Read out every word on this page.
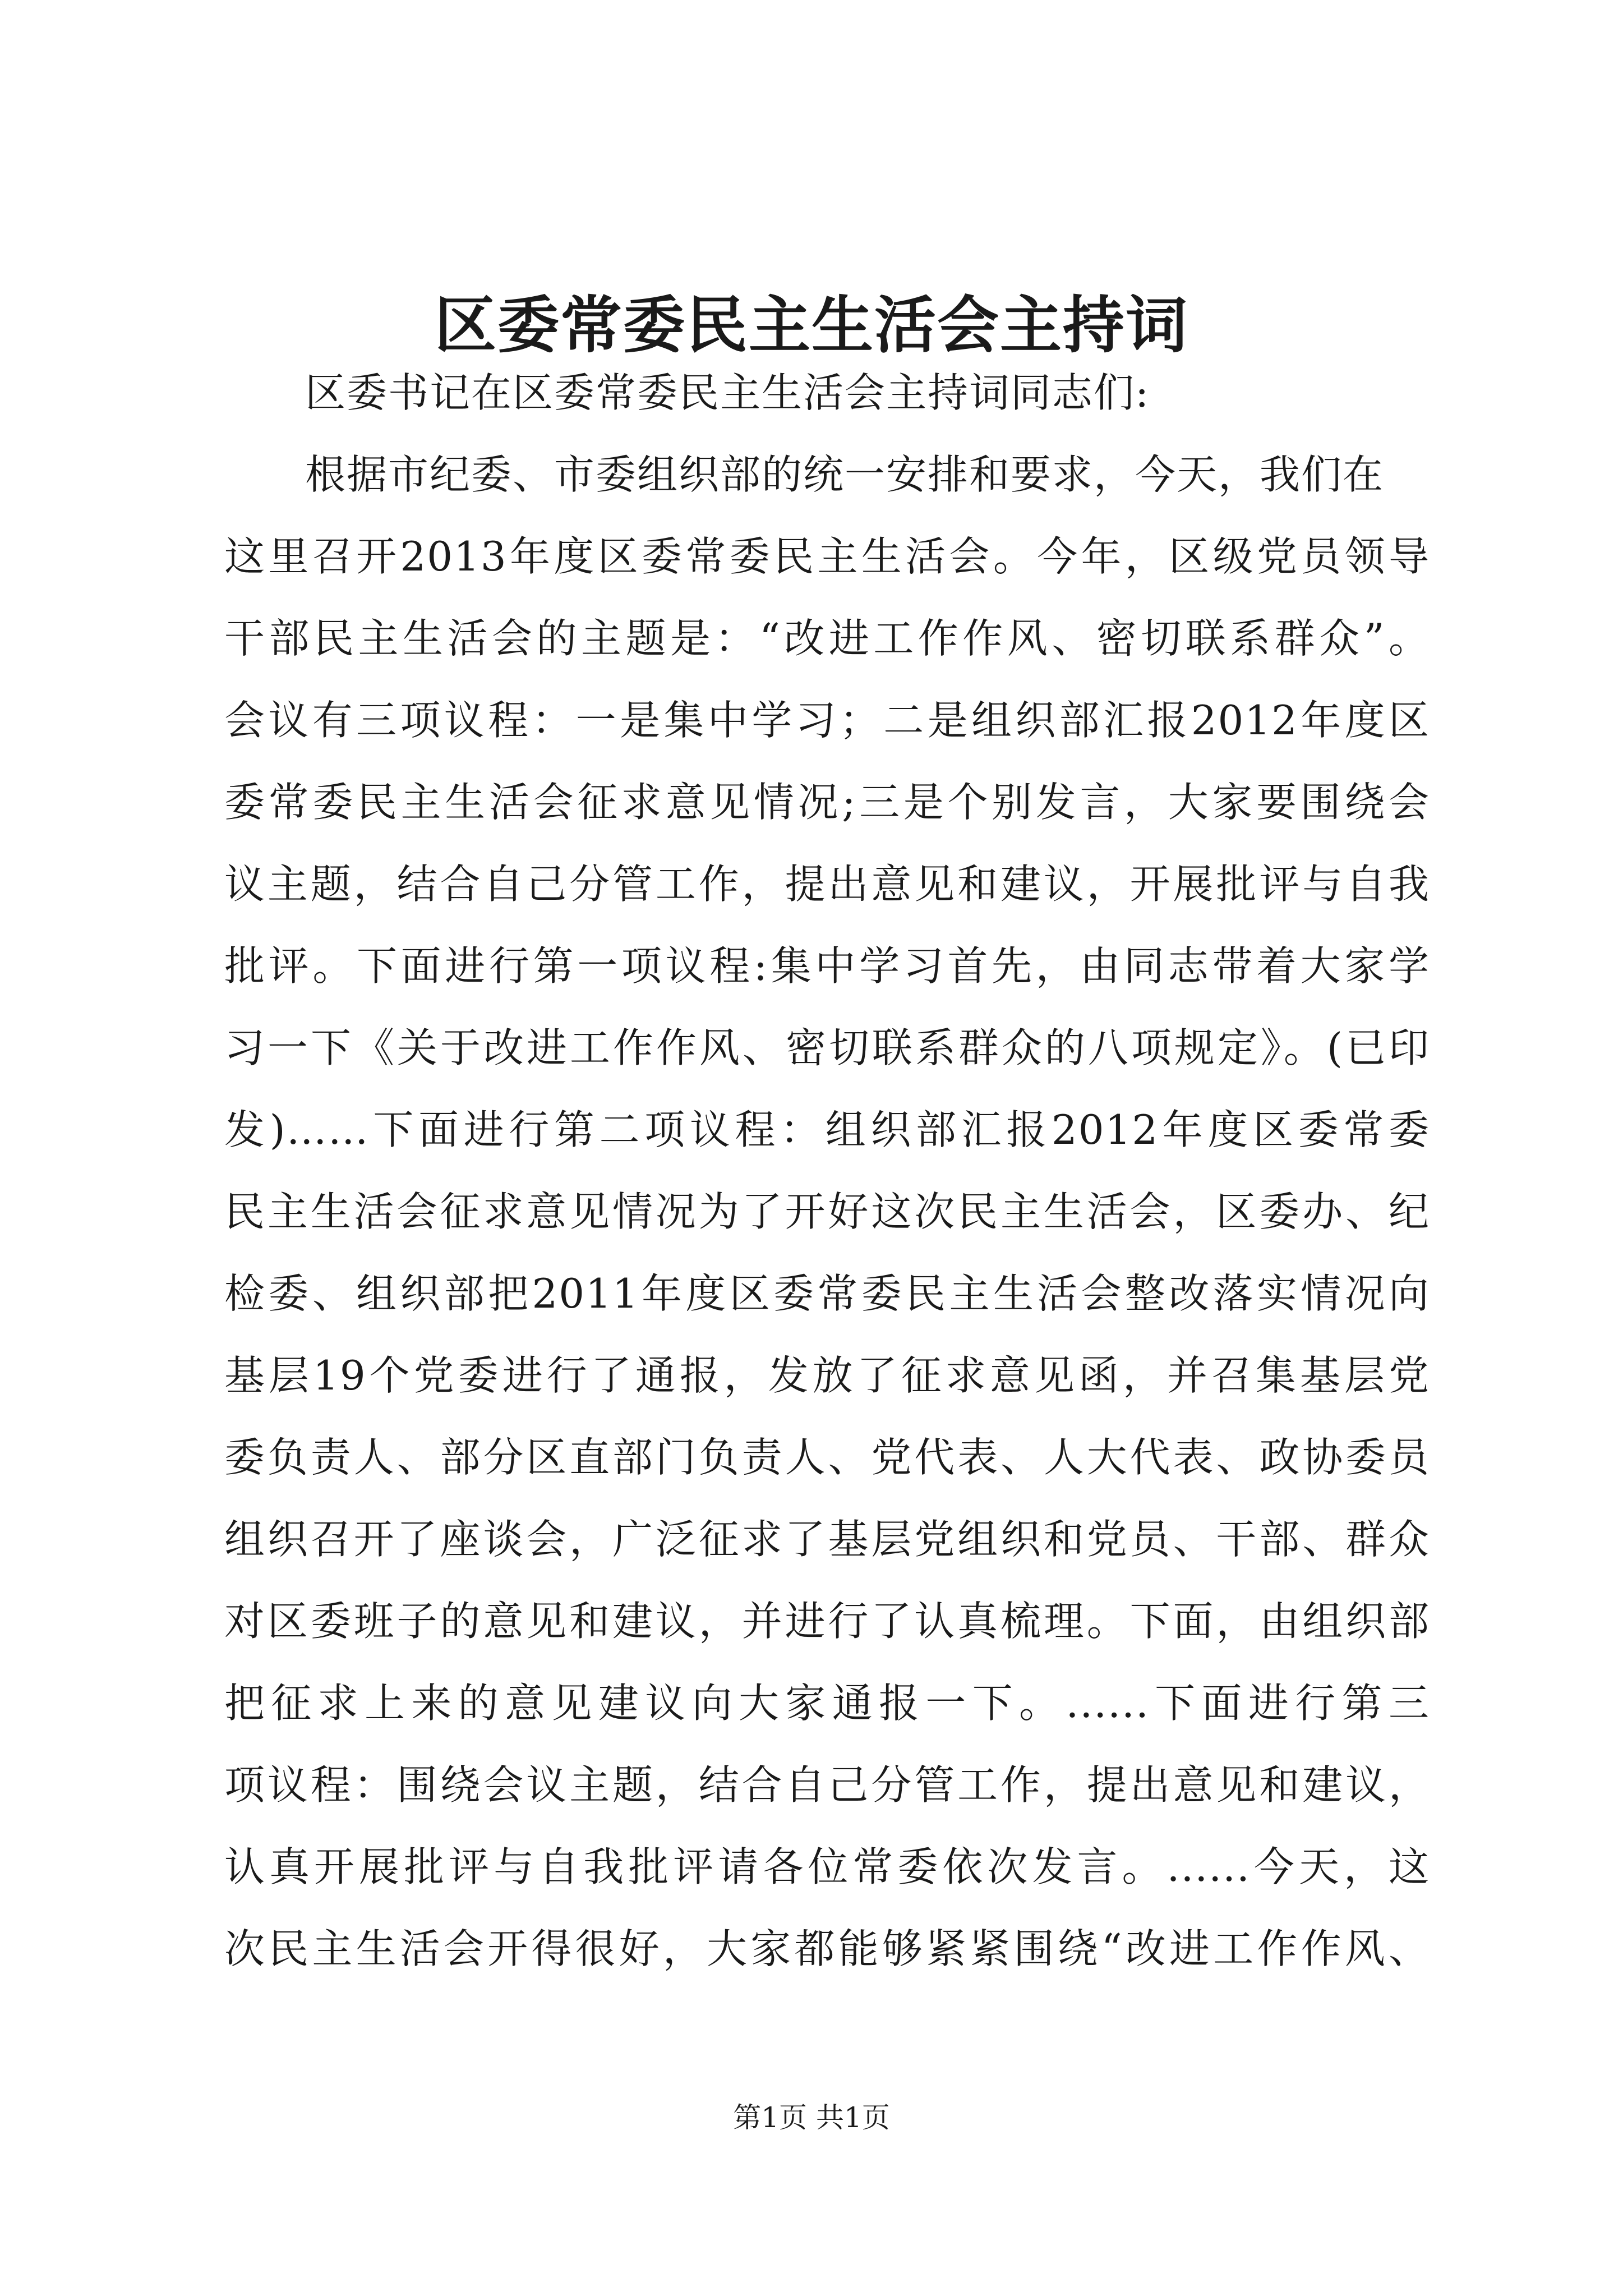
区委常委民主生活会主持词
区委书记在区委常委民主生活会主持词同志们:
根据市纪委、市委组织部的统一安排和要求，今天，我们在
这里召开2013年度区委常委民主生活会。今年，区级党员领导
干部民主生活会的主题是：“改进工作作风、密切联系群众”。
会议有三项议程：一是集中学习；二是组织部汇报2012年度区
委常委民主生活会征求意见情况;三是个别发言，大家要围绕会
议主题，结合自己分管工作，提出意见和建议，开展批评与自我
批评。下面进行第一项议程:集中学习首先，由同志带着大家学
习一下《关于改进工作作风、密切联系群众的八项规定》。(已印
发)……下面进行第二项议程：组织部汇报2012年度区委常委
民主生活会征求意见情况为了开好这次民主生活会，区委办、纪
检委、组织部把2011年度区委常委民主生活会整改落实情况向
基层19个党委进行了通报，发放了征求意见函，并召集基层党
委负责人、部分区直部门负责人、党代表、人大代表、政协委员
组织召开了座谈会，广泛征求了基层党组织和党员、干部、群众
对区委班子的意见和建议，并进行了认真梳理。下面，由组织部
把征求上来的意见建议向大家通报一下。......下面进行第三
项议程：围绕会议主题，结合自己分管工作，提出意见和建议，
认真开展批评与自我批评请各位常委依次发言。......今天，这
次民主生活会开得很好，大家都能够紧紧围绕“改进工作作风、
第1页 共1页
